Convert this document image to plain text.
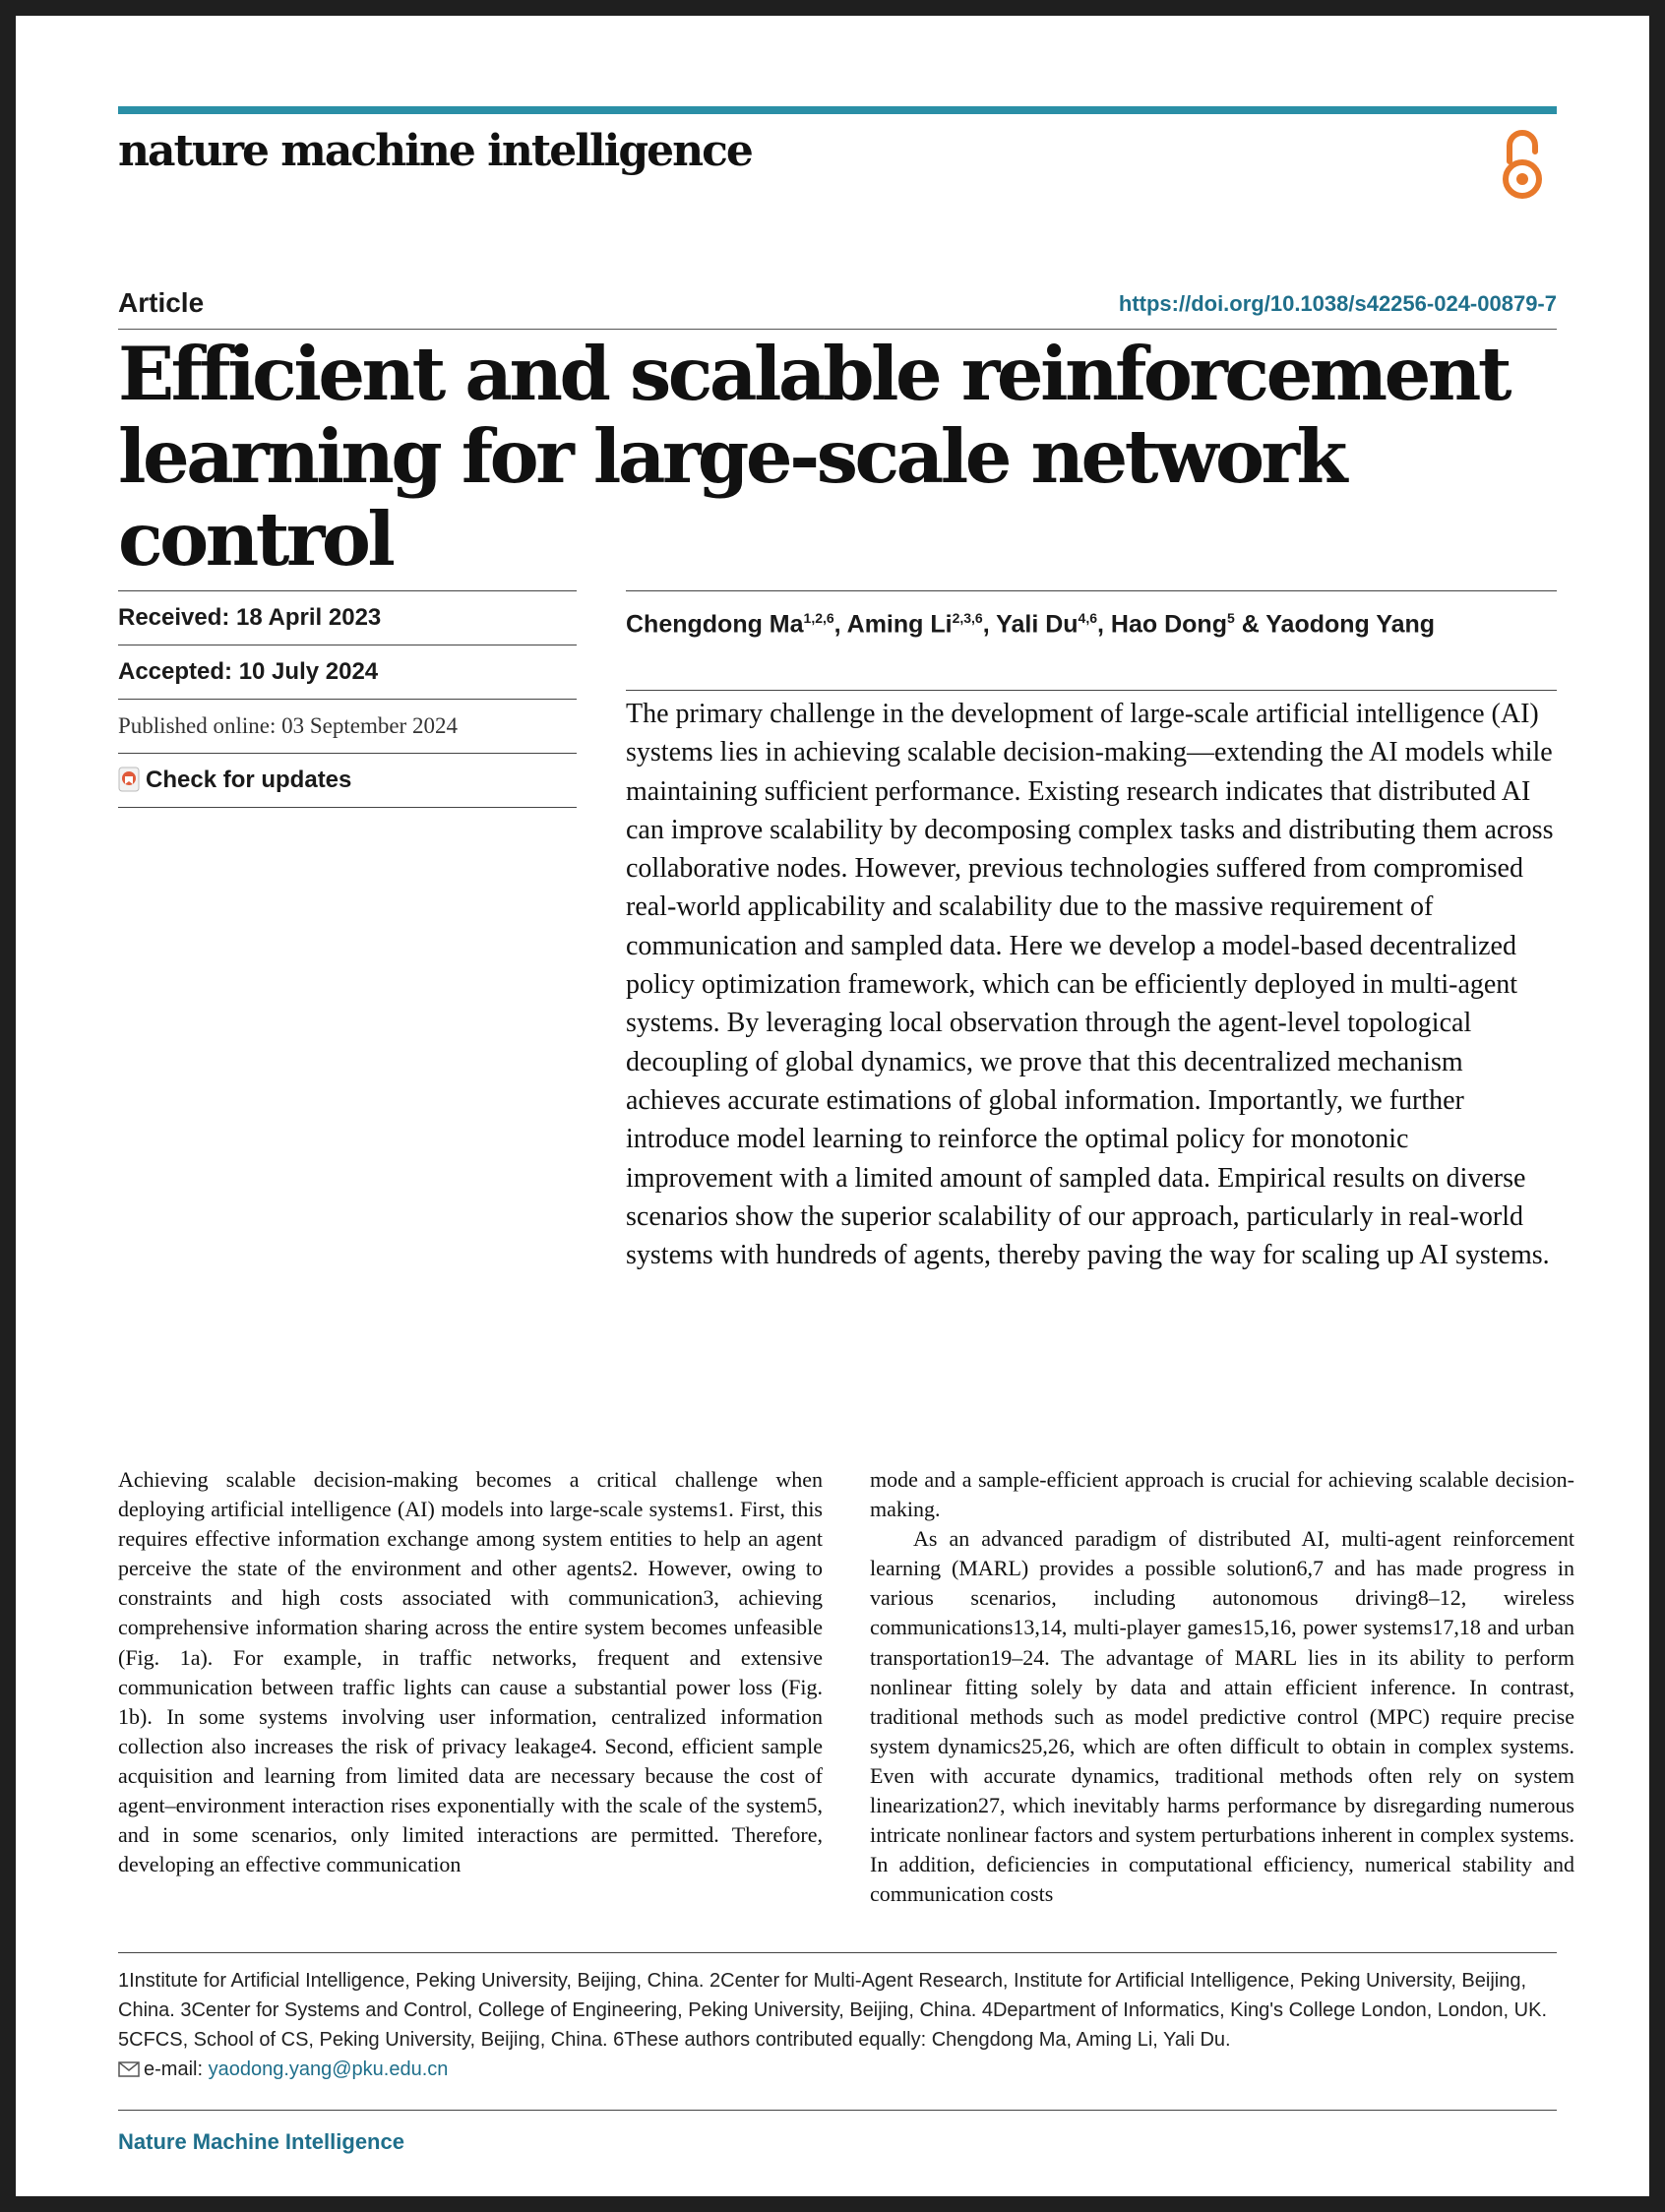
nature machine intelligence
Article	https://doi.org/10.1038/s42256-024-00879-7
Efficient and scalable reinforcement learning for large-scale network control
Received: 18 April 2023
Accepted: 10 July 2024
Published online: 03 September 2024
Check for updates
Chengdong Ma$^{1,2,6}$, Aming Li$^{2,3,6}$, Yali Du$^{4,6}$, Hao Dong$^5$ & Yaodong Yang

The primary challenge in the development of large-scale artificial intelligence (AI) systems lies in achieving scalable decision-making—extending the AI models while maintaining sufficient performance. Existing research indicates that distributed AI can improve scalability by decomposing complex tasks and distributing them across collaborative nodes. However, previous technologies suffered from compromised real-world applicability and scalability due to the massive requirement of communication and sampled data. Here we develop a model-based decentralized policy optimization framework, which can be efficiently deployed in multi-agent systems. By leveraging local observation through the agent-level topological decoupling of global dynamics, we prove that this decentralized mechanism achieves accurate estimations of global information. Importantly, we further introduce model learning to reinforce the optimal policy for monotonic improvement with a limited amount of sampled data. Empirical results on diverse scenarios show the superior scalability of our approach, particularly in real-world systems with hundreds of agents, thereby paving the way for scaling up AI systems.

Achieving scalable decision-making becomes a critical challenge when deploying artificial intelligence (AI) models into large-scale systems1. First, this requires effective information exchange among system entities to help an agent perceive the state of the environment and other agents2. However, owing to constraints and high costs associated with communication3, achieving comprehensive information sharing across the entire system becomes unfeasible (Fig. 1a). For example, in traffic networks, frequent and extensive communication between traffic lights can cause a substantial power loss (Fig. 1b). In some systems involving user information, centralized information collection also increases the risk of privacy leakage4. Second, efficient sample acquisition and learning from limited data are necessary because the cost of agent–environment interaction rises exponentially with the scale of the system5, and in some scenarios, only limited interactions are permitted. Therefore, developing an effective communication

mode and a sample-efficient approach is crucial for achieving scalable decision-making.

As an advanced paradigm of distributed AI, multi-agent reinforcement learning (MARL) provides a possible solution6,7 and has made progress in various scenarios, including autonomous driving8–12, wireless communications13,14, multi-player games15,16, power systems17,18 and urban transportation19–24. The advantage of MARL lies in its ability to perform nonlinear fitting solely by data and attain efficient inference. In contrast, traditional methods such as model predictive control (MPC) require precise system dynamics25,26, which are often difficult to obtain in complex systems. Even with accurate dynamics, traditional methods often rely on system linearization27, which inevitably harms performance by disregarding numerous intricate nonlinear factors and system perturbations inherent in complex systems. In addition, deficiencies in computational efficiency, numerical stability and communication costs

1Institute for Artificial Intelligence, Peking University, Beijing, China. 2Center for Multi-Agent Research, Institute for Artificial Intelligence, Peking University, Beijing, China. 3Center for Systems and Control, College of Engineering, Peking University, Beijing, China. 4Department of Informatics, King's College London, London, UK. 5CFCS, School of CS, Peking University, Beijing, China. 6These authors contributed equally: Chengdong Ma, Aming Li, Yali Du.

e-mail: yaodong.yang@pku.edu.cn
Nature Machine Intelligence
